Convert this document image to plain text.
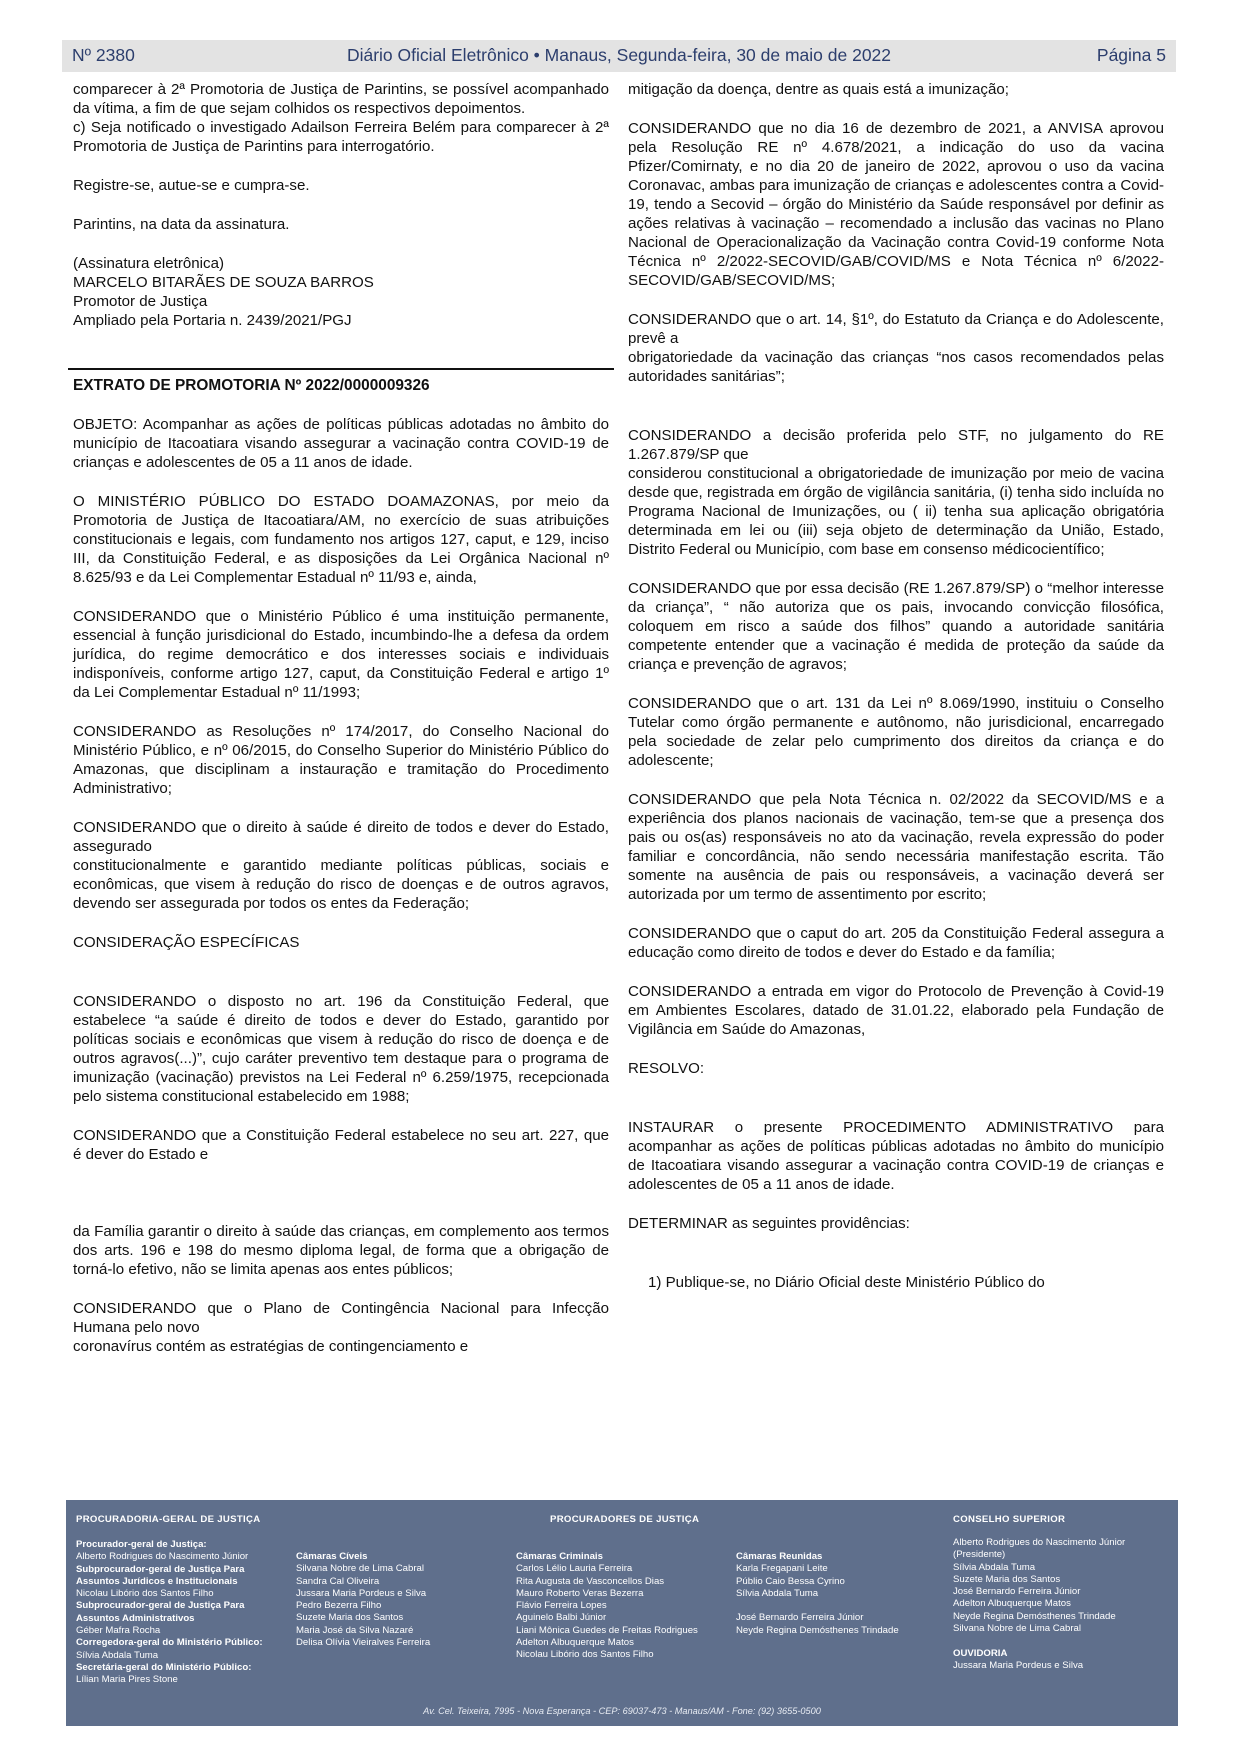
Nº 2380	Diário Oficial Eletrônico • Manaus, Segunda-feira, 30 de maio de 2022	Página 5

comparecer à 2ª Promotoria de Justiça de Parintins, se possível acompanhado da vítima, a fim de que sejam colhidos os respectivos depoimentos.

c) Seja notificado o investigado Adailson Ferreira Belém para comparecer à 2ª Promotoria de Justiça de Parintins para interrogatório.

Registre-se, autue-se e cumpra-se.

Parintins, na data da assinatura.

(Assinatura eletrônica)

MARCELO BITARÃES DE SOUZA BARROS

Promotor de Justiça

Ampliado pela Portaria n. 2439/2021/PGJ

EXTRATO DE PROMOTORIA Nº 2022/0000009326

OBJETO: Acompanhar as ações de políticas públicas adotadas no âmbito do município de Itacoatiara visando assegurar a vacinação contra COVID-19 de crianças e adolescentes de 05 a 11 anos de idade.

O MINISTÉRIO PÚBLICO DO ESTADO DOAMAZONAS, por meio da Promotoria de Justiça de Itacoatiara/AM, no exercício de suas atribuições constitucionais e legais, com fundamento nos artigos 127, caput, e 129, inciso III, da Constituição Federal, e as disposições da Lei Orgânica Nacional nº 8.625/93 e da Lei Complementar Estadual nº 11/93 e, ainda,

CONSIDERANDO que o Ministério Público é uma instituição permanente, essencial à função jurisdicional do Estado, incumbindo-lhe a defesa da ordem jurídica, do regime democrático e dos interesses sociais e individuais indisponíveis, conforme artigo 127, caput, da Constituição Federal e artigo 1º da Lei Complementar Estadual nº 11/1993;

CONSIDERANDO as Resoluções nº 174/2017, do Conselho Nacional do Ministério Público, e nº 06/2015, do Conselho Superior do Ministério Público do Amazonas, que disciplinam a instauração e tramitação do Procedimento Administrativo;

CONSIDERANDO que o direito à saúde é direito de todos e dever do Estado, assegurado
constitucionalmente e garantido mediante políticas públicas, sociais e econômicas, que visem à redução do risco de doenças e de outros agravos, devendo ser assegurada por todos os entes da Federação;

CONSIDERAÇÃO ESPECÍFICAS

CONSIDERANDO o disposto no art. 196 da Constituição Federal, que estabelece “a saúde é direito de todos e dever do Estado, garantido por políticas sociais e econômicas que visem à redução do risco de doença e de outros agravos(...)”, cujo caráter preventivo tem destaque para o programa de imunização (vacinação) previstos na Lei Federal nº 6.259/1975, recepcionada pelo sistema constitucional estabelecido em 1988;

CONSIDERANDO que a Constituição Federal estabelece no seu art. 227, que é dever do Estado e

da Família garantir o direito à saúde das crianças, em complemento aos termos dos arts. 196 e 198 do mesmo diploma legal, de forma que a obrigação de torná-lo efetivo, não se limita apenas aos entes públicos;

CONSIDERANDO que o Plano de Contingência Nacional para Infecção Humana pelo novo
coronavírus contém as estratégias de contingenciamento e

mitigação da doença, dentre as quais está a imunização;

CONSIDERANDO que no dia 16 de dezembro de 2021, a ANVISA aprovou pela Resolução RE nº 4.678/2021, a indicação do uso da vacina Pfizer/Comirnaty, e no dia 20 de janeiro de 2022, aprovou o uso da vacina Coronavac, ambas para imunização de crianças e adolescentes contra a Covid-19, tendo a Secovid – órgão do Ministério da Saúde responsável por definir as ações relativas à vacinação – recomendado a inclusão das vacinas no Plano Nacional de Operacionalização da Vacinação contra Covid-19 conforme Nota Técnica nº 2/2022-SECOVID/GAB/COVID/MS e Nota Técnica nº 6/2022-SECOVID/GAB/SECOVID/MS;

CONSIDERANDO que o art. 14, §1º, do Estatuto da Criança e do Adolescente, prevê a
obrigatoriedade da vacinação das crianças “nos casos recomendados pelas autoridades sanitárias”;

CONSIDERANDO a decisão proferida pelo STF, no julgamento do RE 1.267.879/SP que
considerou constitucional a obrigatoriedade de imunização por meio de vacina desde que, registrada em órgão de vigilância sanitária, (i) tenha sido incluída no Programa Nacional de Imunizações, ou ( ii) tenha sua aplicação obrigatória determinada em lei ou (iii) seja objeto de determinação da União, Estado, Distrito Federal ou Município, com base em consenso médicocientífico;

CONSIDERANDO que por essa decisão (RE 1.267.879/SP) o “melhor interesse da criança”, “ não autoriza que os pais, invocando convicção filosófica, coloquem em risco a saúde dos filhos” quando a autoridade sanitária competente entender que a vacinação é medida de proteção da saúde da criança e prevenção de agravos;

CONSIDERANDO que o art. 131 da Lei nº 8.069/1990, instituiu o Conselho Tutelar como órgão permanente e autônomo, não jurisdicional, encarregado pela sociedade de zelar pelo cumprimento dos direitos da criança e do adolescente;

CONSIDERANDO que pela Nota Técnica n. 02/2022 da SECOVID/MS e a experiência dos planos nacionais de vacinação, tem-se que a presença dos pais ou os(as) responsáveis no ato da vacinação, revela expressão do poder familiar e concordância, não sendo necessária manifestação escrita. Tão somente na ausência de pais ou responsáveis, a vacinação deverá ser autorizada por um termo de assentimento por escrito;

CONSIDERANDO que o caput do art. 205 da Constituição Federal assegura a educação como direito de todos e dever do Estado e da família;

CONSIDERANDO a entrada em vigor do Protocolo de Prevenção à Covid-19 em Ambientes Escolares, datado de 31.01.22, elaborado pela Fundação de Vigilância em Saúde do Amazonas,

RESOLVO:

INSTAURAR o presente PROCEDIMENTO ADMINISTRATIVO para acompanhar as ações de políticas públicas adotadas no âmbito do município de Itacoatiara visando assegurar a vacinação contra COVID-19 de crianças e adolescentes de 05 a 11 anos de idade.

DETERMINAR as seguintes providências:

1) Publique-se, no Diário Oficial deste Ministério Público do

PROCURADORIA-GERAL DE JUSTIÇA	PROCURADORES DE JUSTIÇA	CONSELHO SUPERIOR
Procurador-geral de Justiça:
Alberto Rodrigues do Nascimento Júnior
Subprocurador-geral de Justiça Para
Assuntos Jurídicos e Institucionais
Nicolau Libório dos Santos Filho
Subprocurador-geral de Justiça Para
Assuntos Administrativos
Géber Mafra Rocha
Corregedora-geral do Ministério Público:
Sílvia Abdala Tuma
Secretária-geral do Ministério Público:
Lílian Maria Pires Stone
Câmaras Cíveis
Silvana Nobre de Lima Cabral
Sandra Cal Oliveira
Jussara Maria Pordeus e Silva
Pedro Bezerra Filho
Suzete Maria dos Santos
Maria José da Silva Nazaré
Delisa Olívia Vieiralves Ferreira
Câmaras Criminais
Carlos Lélio Lauria Ferreira
Rita Augusta de Vasconcellos Dias
Mauro Roberto Veras Bezerra
Flávio Ferreira Lopes
Aguinelo Balbi Júnior
Liani Mônica Guedes de Freitas Rodrigues
Adelton Albuquerque Matos
Nicolau Libório dos Santos Filho
Câmaras Reunidas
Karla Fregapani Leite
Públio Caio Bessa Cyrino
Sílvia Abdala Tuma

José Bernardo Ferreira Júnior
Neyde Regina Demósthenes Trindade
Alberto Rodrigues do Nascimento Júnior
(Presidente)
Sílvia Abdala Tuma
Suzete Maria dos Santos
José Bernardo Ferreira Júnior
Adelton Albuquerque Matos
Neyde Regina Demósthenes Trindade
Silvana Nobre de Lima Cabral

OUVIDORIA
Jussara Maria Pordeus e Silva
Av. Cel. Teixeira, 7995 - Nova Esperança - CEP: 69037-473 - Manaus/AM - Fone: (92) 3655-0500
